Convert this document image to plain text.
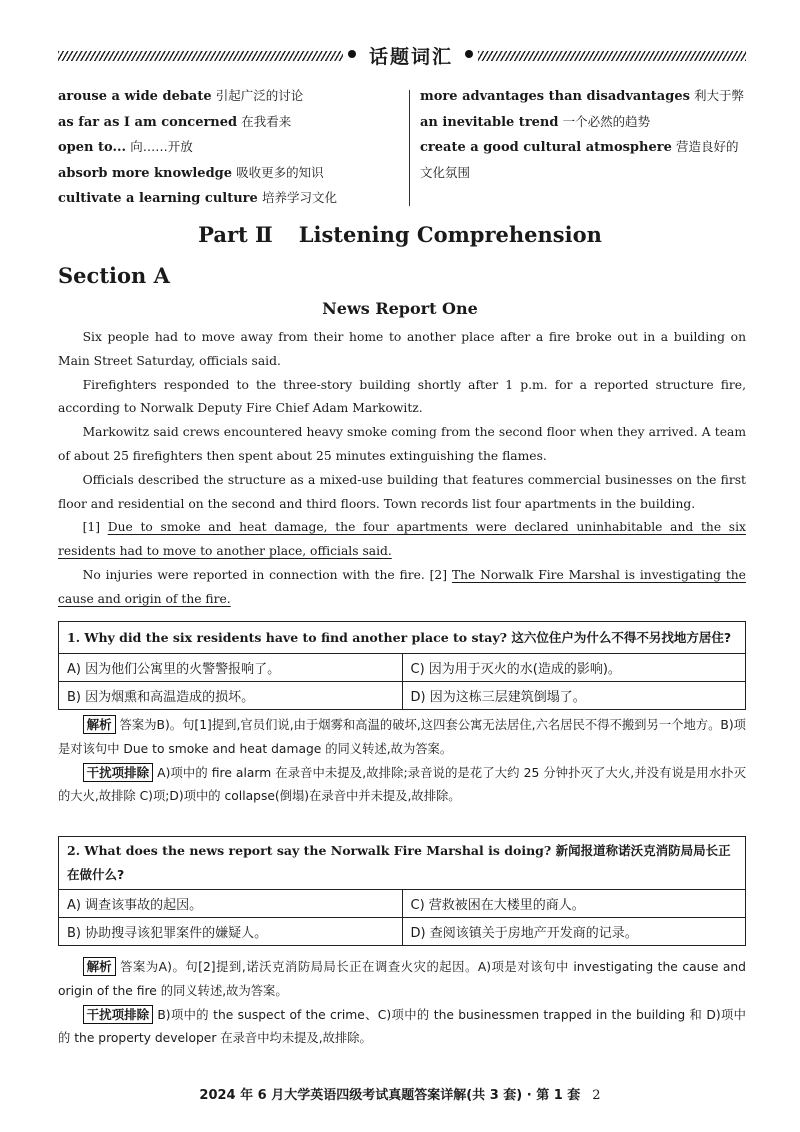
话题词汇
arouse a wide debate 引起广泛的讨论
as far as I am concerned 在我看来
open to... 向……开放
absorb more knowledge 吸收更多的知识
cultivate a learning culture 培养学习文化
more advantages than disadvantages 利大于弊
an inevitable trend 一个必然的趋势
create a good cultural atmosphere 营造良好的文化氛围
Part Ⅱ Listening Comprehension
Section A
News Report One

Six people had to move away from their home to another place after a fire broke out in a building on Main Street Saturday, officials said.

Firefighters responded to the three-story building shortly after 1 p.m. for a reported structure fire, according to Norwalk Deputy Fire Chief Adam Markowitz.

Markowitz said crews encountered heavy smoke coming from the second floor when they arrived. A team of about 25 firefighters then spent about 25 minutes extinguishing the flames.

Officials described the structure as a mixed-use building that features commercial businesses on the first floor and residential on the second and third floors. Town records list four apartments in the building.

[1] Due to smoke and heat damage, the four apartments were declared uninhabitable and the six residents had to move to another place, officials said.

No injuries were reported in connection with the fire. [2] The Norwalk Fire Marshal is investigating the cause and origin of the fire.

1. Why did the six residents have to find another place to stay? 这六位住户为什么不得不另找地方居住?	
A) 因为他们公寓里的火警警报响了。	C) 因为用于灭火的水(造成的影响)。
B) 因为烟熏和高温造成的损坏。	D) 因为这栋三层建筑倒塌了。

解析 答案为B)。句[1]提到,官员们说,由于烟雾和高温的破坏,这四套公寓无法居住,六名居民不得不搬到另一个地方。B)项是对该句中 Due to smoke and heat damage 的同义转述,故为答案。

干扰项排除 A)项中的 fire alarm 在录音中未提及,故排除;录音说的是花了大约 25 分钟扑灭了大火,并没有说是用水扑灭的大火,故排除 C)项;D)项中的 collapse(倒塌)在录音中并未提及,故排除。

2. What does the news report say the Norwalk Fire Marshal is doing? 新闻报道称诺沃克消防局局长正在做什么?	
A) 调查该事故的起因。	C) 营救被困在大楼里的商人。
B) 协助搜寻该犯罪案件的嫌疑人。	D) 查阅该镇关于房地产开发商的记录。

解析 答案为A)。句[2]提到,诺沃克消防局局长正在调查火灾的起因。A)项是对该句中 investigating the cause and origin of the fire 的同义转述,故为答案。

干扰项排除 B)项中的 the suspect of the crime、C)项中的 the businessmen trapped in the building 和 D)项中的 the property developer 在录音中均未提及,故排除。

2024 年 6 月大学英语四级考试真题答案详解(共 3 套) · 第 1 套 2
